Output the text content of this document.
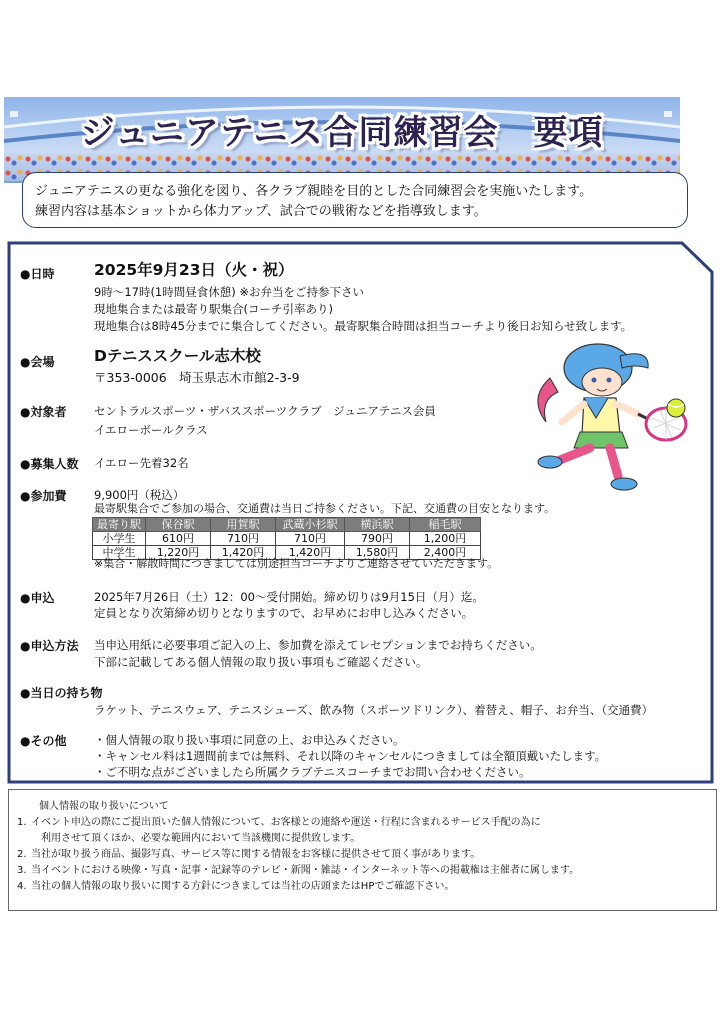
ジュニアテニス合同練習会　要項
ジュニアテニスの更なる強化を図り、各クラブ親睦を目的とした合同練習会を実施いたします。
練習内容は基本ショットから体力アップ、試合での戦術などを指導致します。
●日時	2025年9月23日（火・祝）
9時～17時(1時間昼食休憩) ※お弁当をご持参下さい
現地集合または最寄り駅集合(コーチ引率あり)
現地集合は8時45分までに集合してください。最寄駅集合時間は担当コーチより後日お知らせ致します。
●会場	Dテニススクール志木校
〒353-0006　埼玉県志木市館2-3-9
●対象者 セントラルスポーツ・ザバススポーツクラブ　ジュニアテニス会員
イエローボールクラス
●募集人数 イエロー先着32名
●参加費 9,900円（税込）
最寄駅集合でご参加の場合、交通費は当日ご持参ください。下記、交通費の目安となります。
最寄り駅	保谷駅	用賀駅	武蔵小杉駅	横浜駅	稲毛駅
小学生	610円	710円	710円	790円	1,200円
中学生	1,220円	1,420円	1,420円	1,580円	2,400円
※集合・解散時間につきましては別途担当コーチよりご連絡させていただきます。
●申込	2025年7月26日（土）12：00～受付開始。締め切りは9月15日（月）迄。
定員となり次第締め切りとなりますので、お早めにお申し込みください。
●申込方法 当申込用紙に必要事項ご記入の上、参加費を添えてレセプションまでお持ちください。
下部に記載してある個人情報の取り扱い事項もご確認ください。
●当日の持ち物
ラケット、テニスウェア、テニスシューズ、飲み物（スポーツドリンク）、着替え、帽子、お弁当、（交通費）
●その他 ・個人情報の取り扱い事項に同意の上、お申込みください。
・キャンセル料は1週間前までは無料、それ以降のキャンセルにつきましては全額頂戴いたします。
・ご不明な点がございましたら所属クラブテニスコーチまでお問い合わせください。
個人情報の取り扱いについて
1. イベント申込の際にご提出頂いた個人情報について、お客様との連絡や運送・行程に含まれるサービス手配の為に
利用させて頂くほか、必要な範囲内において当該機関に提供致します。
2. 当社が取り扱う商品、撮影写真、サービス等に関する情報をお客様に提供させて頂く事があります。
3. 当イベントにおける映像・写真・記事・記録等のテレビ・新聞・雑誌・インターネット等への掲載権は主催者に属します。
4. 当社の個人情報の取り扱いに関する方針につきましては当社の店頭またはHPでご確認下さい。
